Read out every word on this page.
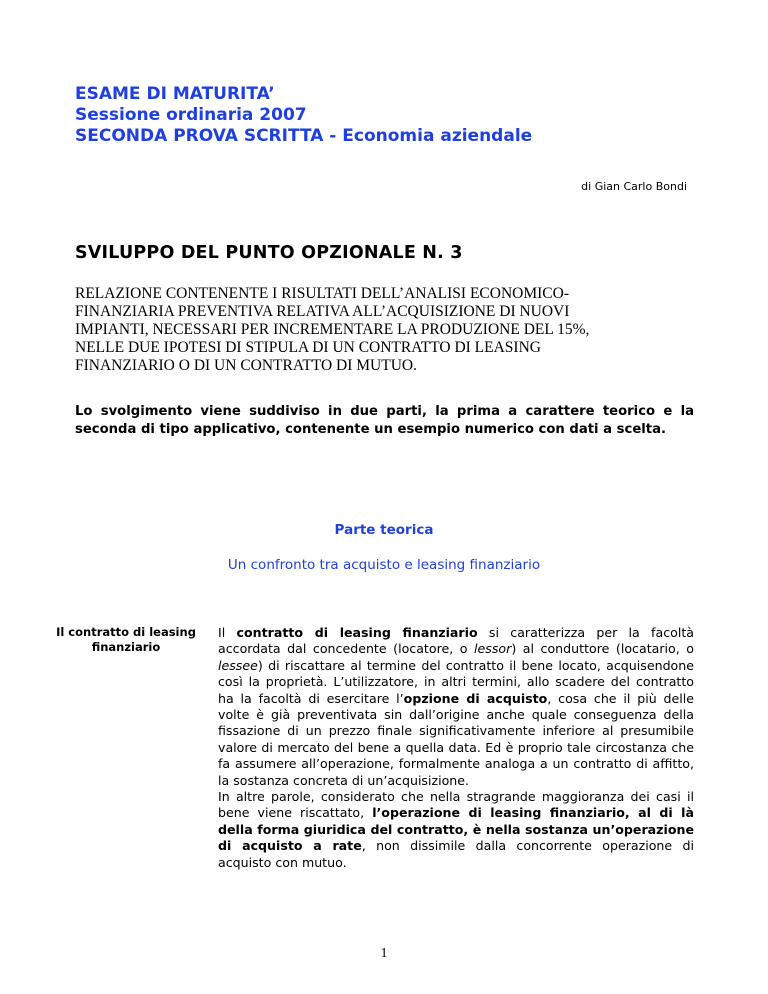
ESAME DI MATURITA’
Sessione ordinaria 2007
SECONDA PROVA SCRITTA - Economia aziendale
di Gian Carlo Bondi
SVILUPPO DEL PUNTO OPZIONALE N. 3
RELAZIONE CONTENENTE I RISULTATI DELL’ANALISI ECONOMICO-
FINANZIARIA PREVENTIVA RELATIVA ALL’ACQUISIZIONE DI NUOVI
IMPIANTI, NECESSARI PER INCREMENTARE LA PRODUZIONE DEL 15%,
NELLE DUE IPOTESI DI STIPULA DI UN CONTRATTO DI LEASING
FINANZIARIO O DI UN CONTRATTO DI MUTUO.
Lo svolgimento viene suddiviso in due parti, la prima a carattere teorico e la seconda di tipo applicativo, contenente un esempio numerico con dati a scelta.
Parte teorica
Un confronto tra acquisto e leasing finanziario
Il contratto di leasing finanziario

Il contratto di leasing finanziario si caratterizza per la facoltà accordata dal concedente (locatore, o lessor) al conduttore (locatario, o lessee) di riscattare al termine del contratto il bene locato, acquisendone così la proprietà. L’utilizzatore, in altri termini, allo scadere del contratto ha la facoltà di esercitare l’opzione di acquisto, cosa che il più delle volte è già preventivata sin dall’origine anche quale conseguenza della fissazione di un prezzo finale significativamente inferiore al presumibile valore di mercato del bene a quella data. Ed è proprio tale circostanza che fa assumere all’operazione, formalmente analoga a un contratto di affitto, la sostanza concreta di un’acquisizione.

In altre parole, considerato che nella stragrande maggioranza dei casi il bene viene riscattato, l’operazione di leasing finanziario, al di là della forma giuridica del contratto, è nella sostanza un’operazione di acquisto a rate, non dissimile dalla concorrente operazione di acquisto con mutuo.

1
